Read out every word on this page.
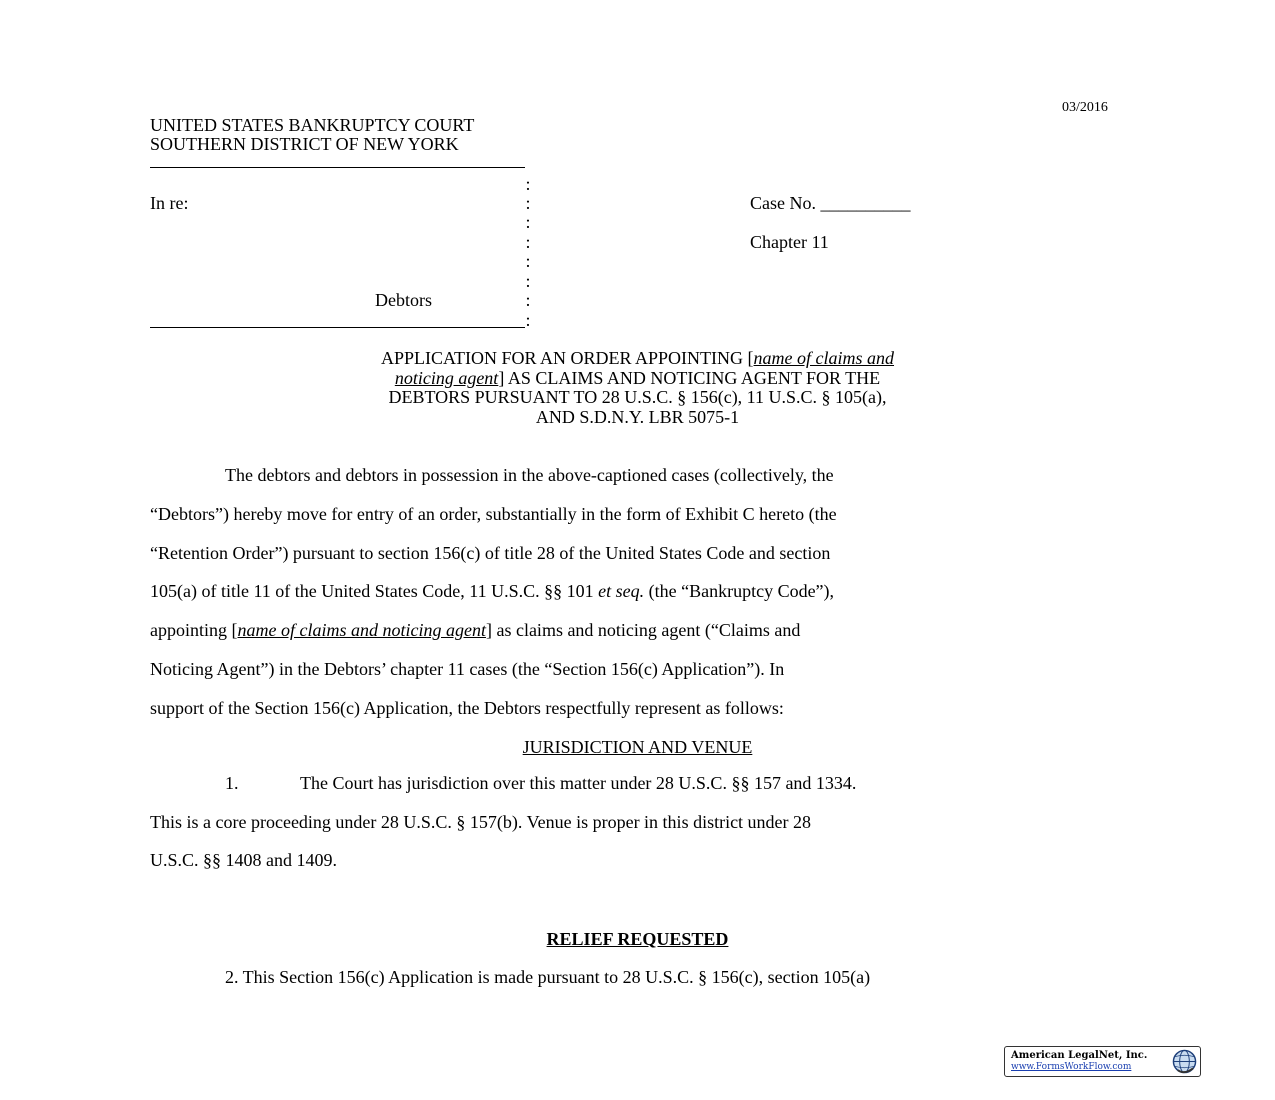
03/2016
UNITED STATES BANKRUPTCY COURT
SOUTHERN DISTRICT OF NEW YORK
:
:
:
:
:
:
:
:
In re:
Debtors
Case No. __________
Chapter 11
APPLICATION FOR AN ORDER APPOINTING [name of claims and
noticing agent] AS CLAIMS AND NOTICING AGENT FOR THE
DEBTORS PURSUANT TO 28 U.S.C. § 156(c), 11 U.S.C. § 105(a),
AND S.D.N.Y. LBR 5075-1
The debtors and debtors in possession in the above-captioned cases (collectively, the
“Debtors”) hereby move for entry of an order, substantially in the form of Exhibit C hereto (the
“Retention Order”) pursuant to section 156(c) of title 28 of the United States Code and section
105(a) of title 11 of the United States Code, 11 U.S.C. §§ 101 et seq. (the “Bankruptcy Code”),
appointing [name of claims and noticing agent] as claims and noticing agent (“Claims and
Noticing Agent”) in the Debtors’ chapter 11 cases (the “Section 156(c) Application”). In
support of the Section 156(c) Application, the Debtors respectfully represent as follows:
JURISDICTION AND VENUE
1.	The Court has jurisdiction over this matter under 28 U.S.C. §§ 157 and 1334.
This is a core proceeding under 28 U.S.C. § 157(b). Venue is proper in this district under 28
U.S.C. §§ 1408 and 1409.
RELIEF REQUESTED
2. This Section 156(c) Application is made pursuant to 28 U.S.C. § 156(c), section 105(a)
American LegalNet, Inc.
www.FormsWorkFlow.com
